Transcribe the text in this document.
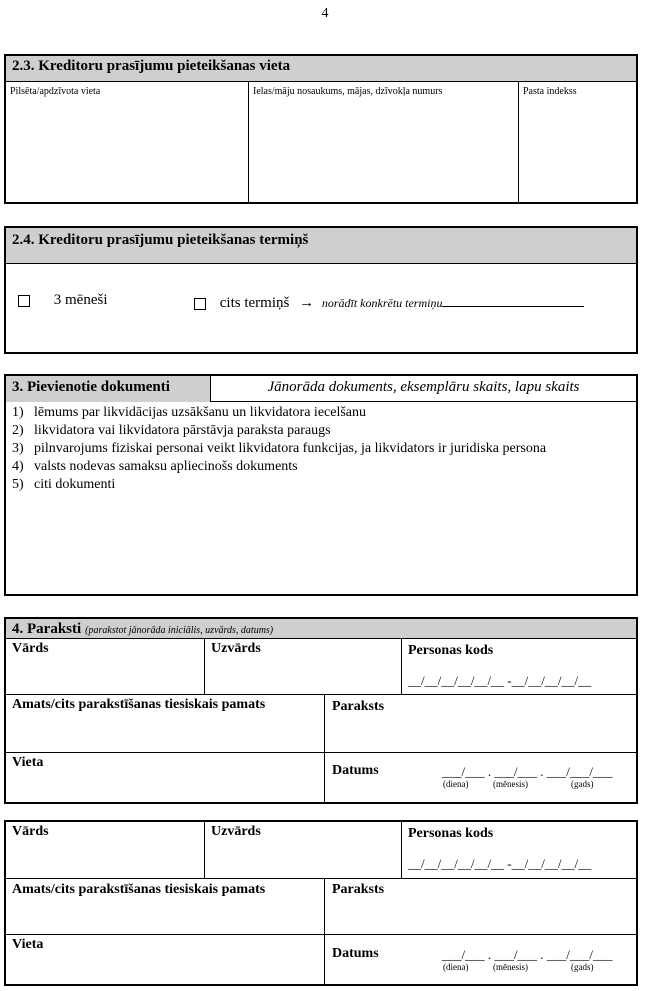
4
2.3. Kreditoru prasījumu pieteikšanas vieta
Pilsēta/apdzīvota vieta	Ielas/māju nosaukums, mājas, dzīvokļa numurs	Pasta indekss
2.4. Kreditoru prasījumu pieteikšanas termiņš
3 mēneši	cits termiņš → norādīt konkrētu termiņu
3. Pievienotie dokumenti	Jānorāda dokuments, eksemplāru skaits, lapu skaits
1) lēmums par likvidācijas uzsākšanu un likvidatora iecelšanu
2) likvidatora vai likvidatora pārstāvja paraksta paraugs
3) pilnvarojums fiziskai personai veikt likvidatora funkcijas, ja likvidators ir juridiska persona
4) valsts nodevas samaksu apliecinošs dokuments
5) citi dokumenti
4. Paraksti (parakstot jānorāda iniciālis, uzvārds, datums)
Vārds	Uzvārds	Personas kods
__/__/__/__/__/__ -__/__/__/__/__
Amats/cits parakstīšanas tiesiskais pamats	Paraksts
Vieta
Datums	___/___ . ___/___ . ___/___/___
(diena)	(mēnesis)	(gads)
Vārds	Uzvārds	Personas kods
__/__/__/__/__/__ -__/__/__/__/__
Amats/cits parakstīšanas tiesiskais pamats	Paraksts
Vieta
Datums	___/___ . ___/___ . ___/___/___
(diena)	(mēnesis)	(gads)
